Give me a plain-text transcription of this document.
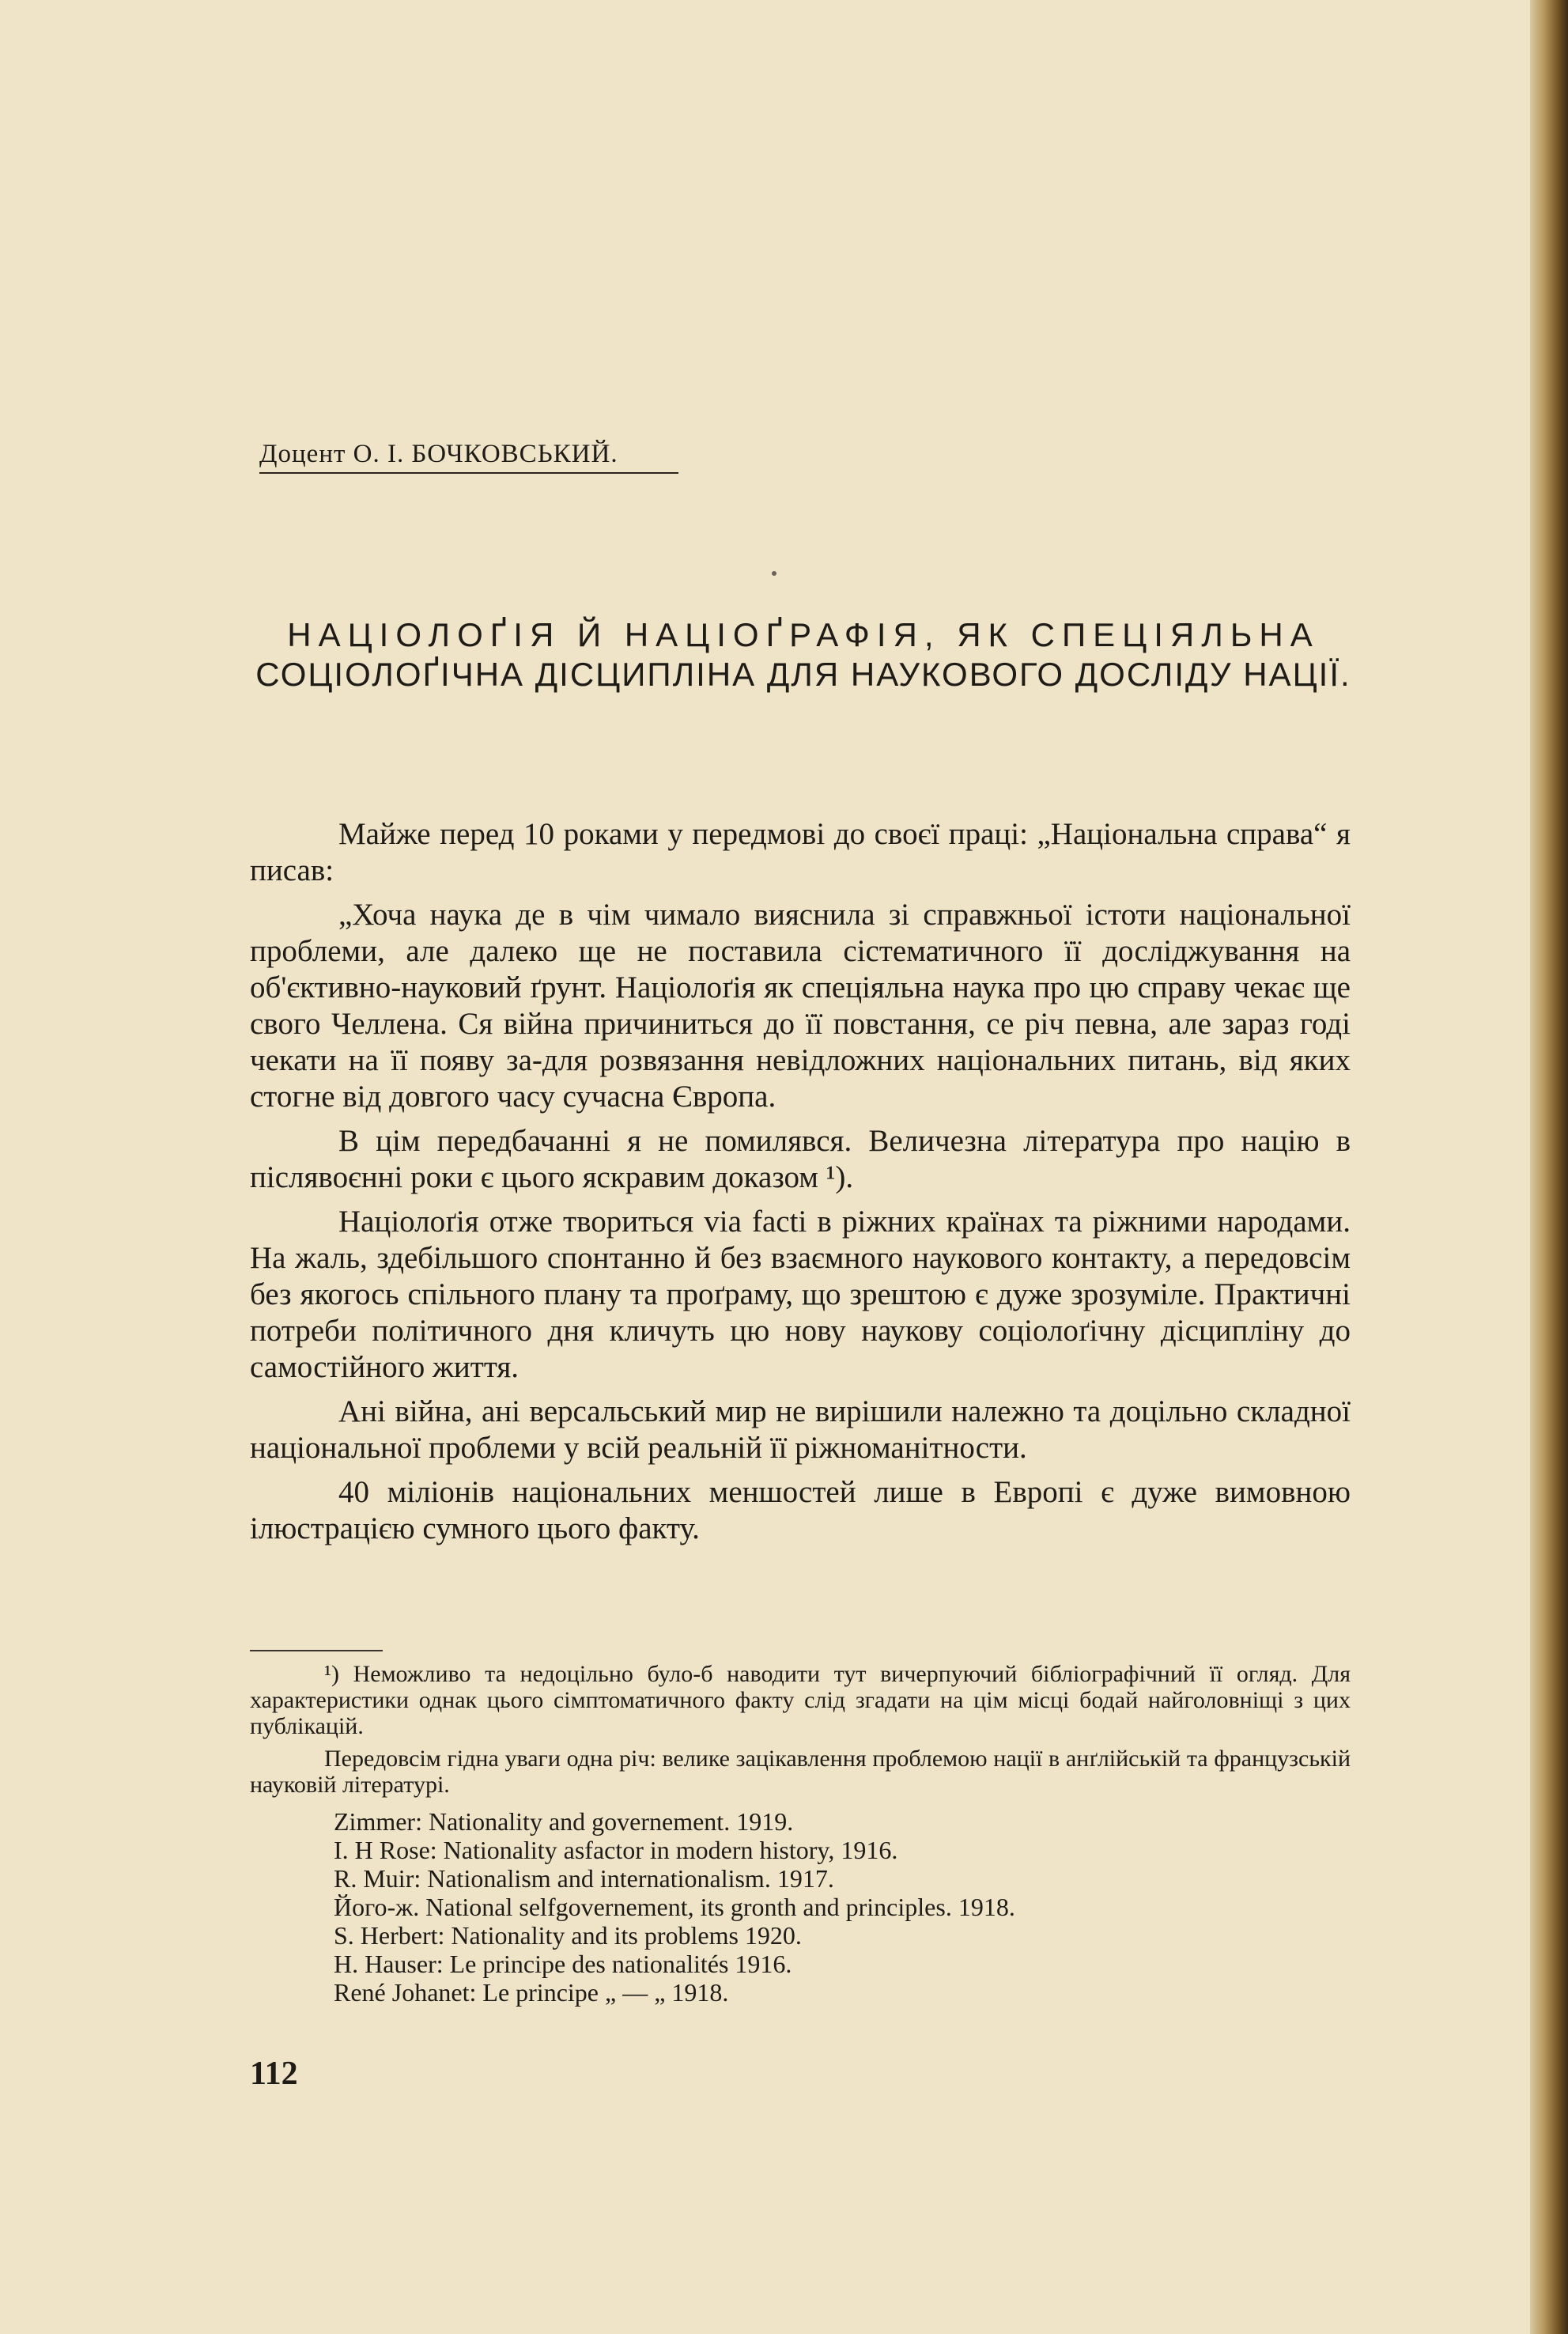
Доцент О. І. БОЧКОВСЬКИЙ.
НАЦІОЛОҐІЯ Й НАЦІОҐРАФІЯ, ЯК СПЕЦІЯЛЬНА
СОЦІОЛОҐІЧНА ДІСЦИПЛІНА ДЛЯ НАУКОВОГО ДОСЛІДУ НАЦІЇ.

Майже перед 10 роками у передмові до своєї праці: „Національна справа“ я писав:

„Хоча наука де в чім чимало вияснила зі справжньої істоти національної проблеми, але далеко ще не поставила сістематичного її досліджування на об'єктивно-науковий ґрунт. Націолоґія як спеціяльна наука про цю справу чекає ще свого Челлена. Ся війна причиниться до її повстання, се річ певна, але зараз годі чекати на її появу за-для розвязання невідложних національних питань, від яких стогне від довгого часу сучасна Європа.

В цім передбачанні я не помилявся. Величезна література про націю в післявоєнні роки є цього яскравим доказом ¹).

Націолоґія отже твориться via facti в ріжних країнах та ріжними народами. На жаль, здебільшого спонтанно й без взаємного наукового контакту, а передовсім без якогось спільного плану та проґраму, що зрештою є дуже зрозуміле. Практичні потреби політичного дня кличуть цю нову наукову соціолоґічну дісципліну до самостійного життя.

Ані війна, ані версальський мир не вирішили належно та доцільно складної національної проблеми у всій реальній її ріжноманітности.

40 міліонів національних меншостей лише в Европі є дуже вимовною ілюстрацією сумного цього факту.

¹) Неможливо та недоцільно було-б наводити тут вичерпуючий бібліографічний її огляд. Для характеристики однак цього сімптоматичного факту слід згадати на цім місці бодай найголовніщі з цих публікацій.

Передовсім гідна уваги одна річ: велике зацікавлення проблемою нації в анґлійській та французській науковій літературі.

Zimmer: Nationality and governement. 1919.
I. H Rose: Nationality asfactor in modern history, 1916.
R. Muir: Nationalism and internationalism. 1917.
Його-ж. National selfgovernement, its gronth and principles. 1918.
S. Herbert: Nationality and its problems 1920.
H. Hauser: Le principe des nationalités 1916.
René Johanet: Le principe „ — „ 1918.
112
